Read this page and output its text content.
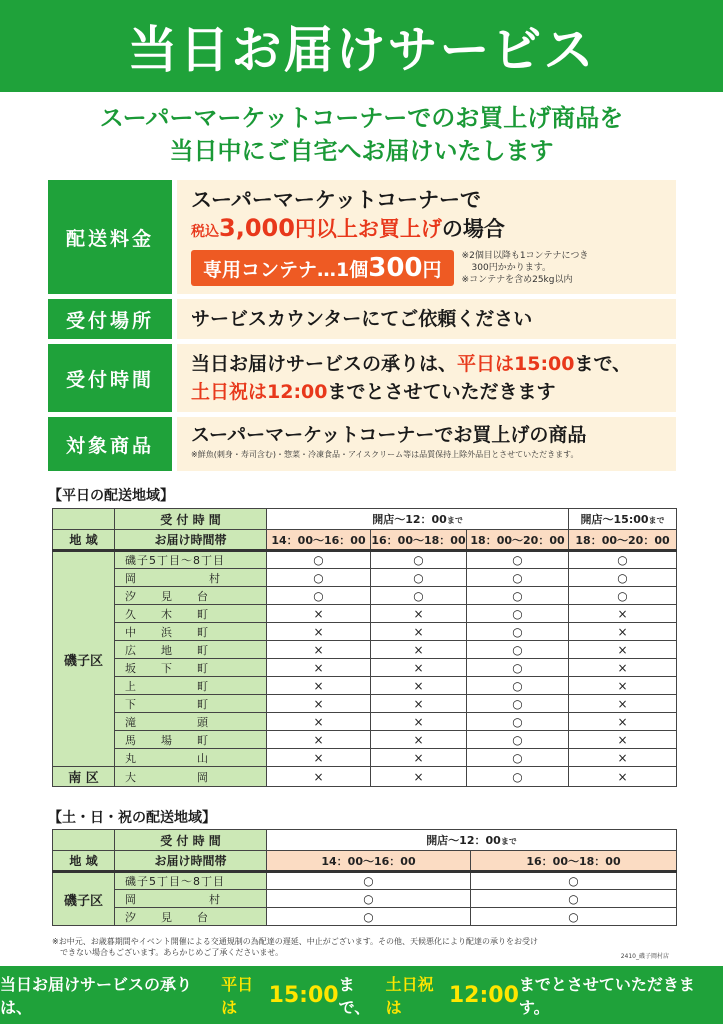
当日お届けサービス
スーパーマーケットコーナーでのお買上げ商品を
当日中にご自宅へお届けいたします
配送料金
スーパーマーケットコーナーで
税込3,000円以上お買上げの場合
専用コンテナ…1個300円
※2個目以降も1コンテナにつき
300円かかります。
※コンテナを含め25kg以内
受付場所	サービスカウンターにてご依頼ください
受付時間
当日お届けサービスの承りは、平日は15:00まで、
土日祝は12:00までとさせていただきます
対象商品	スーパーマーケットコーナーでお買上げの商品
※鮮魚(刺身・寿司含む)・惣菜・冷凍食品・アイスクリーム等は品質保持上除外品目とさせていただきます。
【平日の配送地域】
	受 付 時 間	開店〜12：00まで			開店〜15:00まで
地 域	お届け時間帯	14：00〜16：00	16：00〜18：00	18：00〜20：00	18：00〜20：00
磯子区	磯子5丁目〜8丁目	○	○	○	○
	岡　　　　　　村	○	○	○	○
	汐　　見　　台	○	○	○	○
	久　　木　　町	×	×	○	×
	中　　浜　　町	×	×	○	×
	広　　地　　町	×	×	○	×
	坂　　下　　町	×	×	○	×
	上　　　　　町	×	×	○	×
	下　　　　　町	×	×	○	×
	滝　　　　　頭	×	×	○	×
	馬　　場　　町	×	×	○	×
	丸　　　　　山	×	×	○	×
南 区	大　　　　　岡	×	×	○	×
【土・日・祝の配送地域】
	受 付 時 間	開店〜12：00まで	
地 域	お届け時間帯	14：00〜16：00	16：00〜18：00
磯子区	磯子5丁目〜8丁目	○	○
	岡　　　　　　村	○	○
	汐　　見　　台	○	○
※お中元、お歳暮期間やイベント開催による交通規制の為配達の遅延、中止がございます。その他、天候悪化により配達の承りをお受け
　できない場合もございます。あらかじめご了承くださいませ。	2410_磯子岡村店
当日お届けサービスの承りは、
平日は	15:00 まで、
土日祝は	12:00 までとさせていただきます。
